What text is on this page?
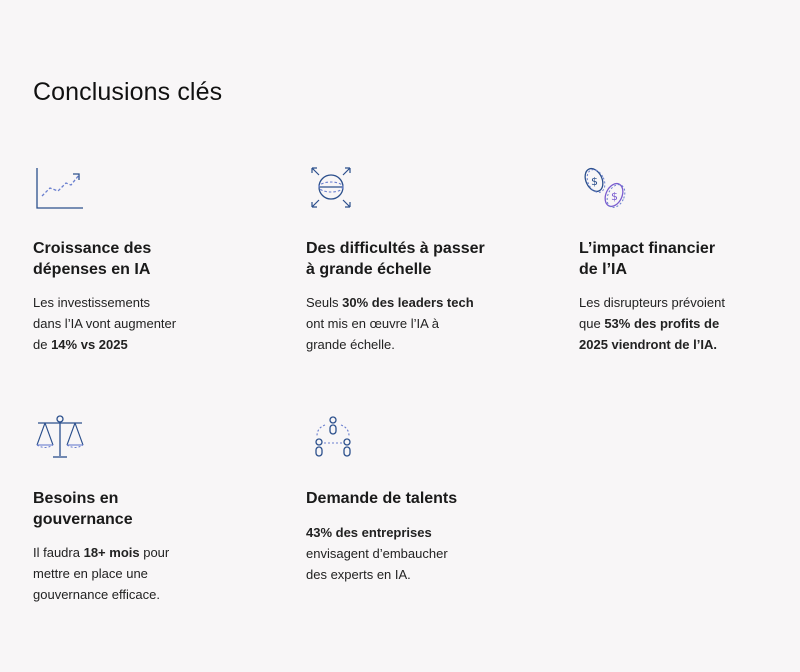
Conclusions clés
Croissance des
dépenses en IA

Les investissements
dans l’IA vont augmenter
de 14% vs 2025

Des difficultés à passer
à grande échelle

Seuls 30% des leaders tech
ont mis en œuvre l’IA à
grande échelle.

$
$
L’impact financier
de l’IA

Les disrupteurs prévoient
que 53% des profits de
2025 viendront de l’IA.

Besoins en
gouvernance

Il faudra 18+ mois pour
mettre en place une
gouvernance efficace.

Demande de talents

43% des entreprises
envisagent d’embaucher
des experts en IA.
